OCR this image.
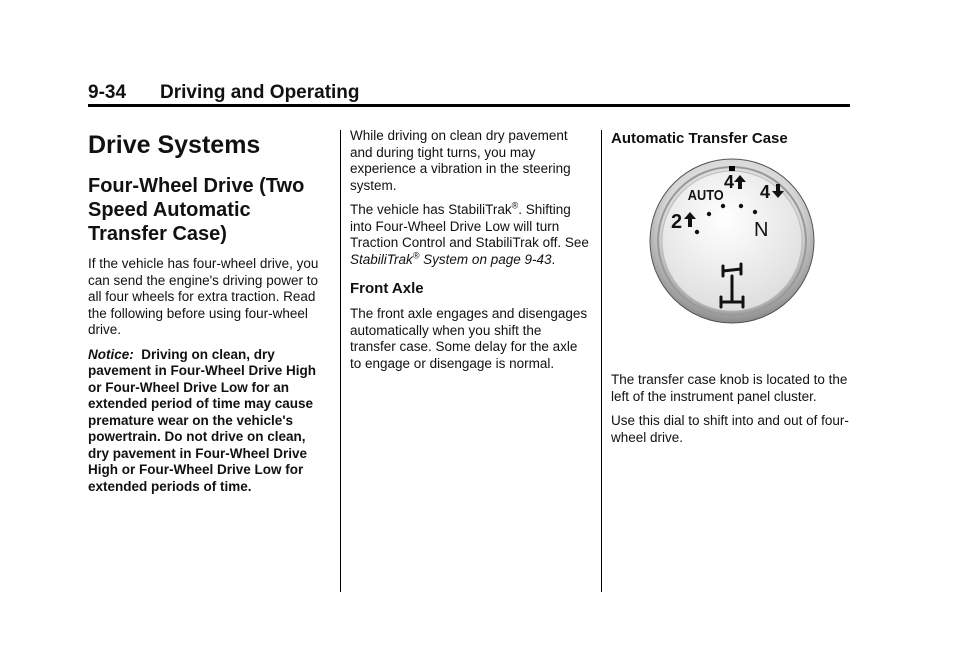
9-34 Driving and Operating
Drive Systems
Four-Wheel Drive (Two Speed Automatic Transfer Case)

If the vehicle has four-wheel drive, you can send the engine's driving power to all four wheels for extra traction. Read the following before using four-wheel drive.

Notice: Driving on clean, dry pavement in Four-Wheel Drive High or Four-Wheel Drive Low for an extended period of time may cause premature wear on the vehicle's powertrain. Do not drive on clean, dry pavement in Four-Wheel Drive High or Four-Wheel Drive Low for extended periods of time.

While driving on clean dry pavement and during tight turns, you may experience a vibration in the steering system.

The vehicle has StabiliTrak®. Shifting into Four-Wheel Drive Low will turn Traction Control and StabiliTrak off. See StabiliTrak® System on page 9-43.

Front Axle

The front axle engages and disengages automatically when you shift the transfer case. Some delay for the axle to engage or disengage is normal.

Automatic Transfer Case
AUTO
4 4
2	N

The transfer case knob is located to the left of the instrument panel cluster.

Use this dial to shift into and out of four-wheel drive.
